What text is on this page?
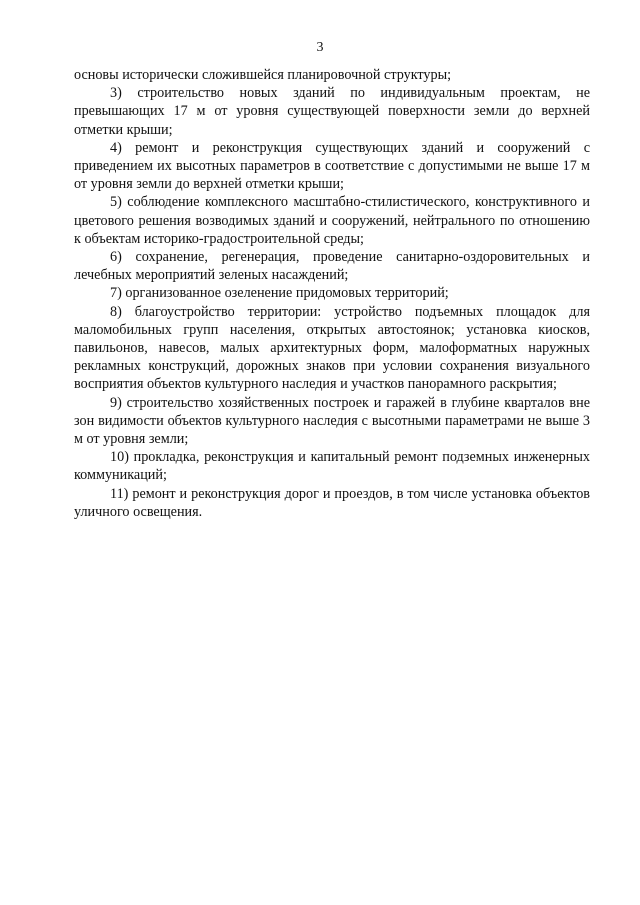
3

основы исторически сложившейся планировочной структуры;

3) строительство новых зданий по индивидуальным проектам, не превышающих 17 м от уровня существующей поверхности земли до верхней отметки крыши;

4) ремонт и реконструкция существующих зданий и сооружений с приведением их высотных параметров в соответствие с допустимыми не выше 17 м от уровня земли до верхней отметки крыши;

5) соблюдение комплексного масштабно-стилистического, конструктивного и цветового решения возводимых зданий и сооружений, нейтрального по отношению к объектам историко-градостроительной среды;

6) сохранение, регенерация, проведение санитарно-оздоровительных и лечебных мероприятий зеленых насаждений;

7) организованное озеленение придомовых территорий;

8) благоустройство территории: устройство подъемных площадок для маломобильных групп населения, открытых автостоянок; установка киосков, павильонов, навесов, малых архитектурных форм, малоформатных наружных рекламных конструкций, дорожных знаков при условии сохранения визуального восприятия объектов культурного наследия и участков панорамного раскрытия;

9) строительство хозяйственных построек и гаражей в глубине кварталов вне зон видимости объектов культурного наследия с высотными параметрами не выше 3 м от уровня земли;

10) прокладка, реконструкция и капитальный ремонт подземных инженерных коммуникаций;

11) ремонт и реконструкция дорог и проездов, в том числе установка объектов уличного освещения.
